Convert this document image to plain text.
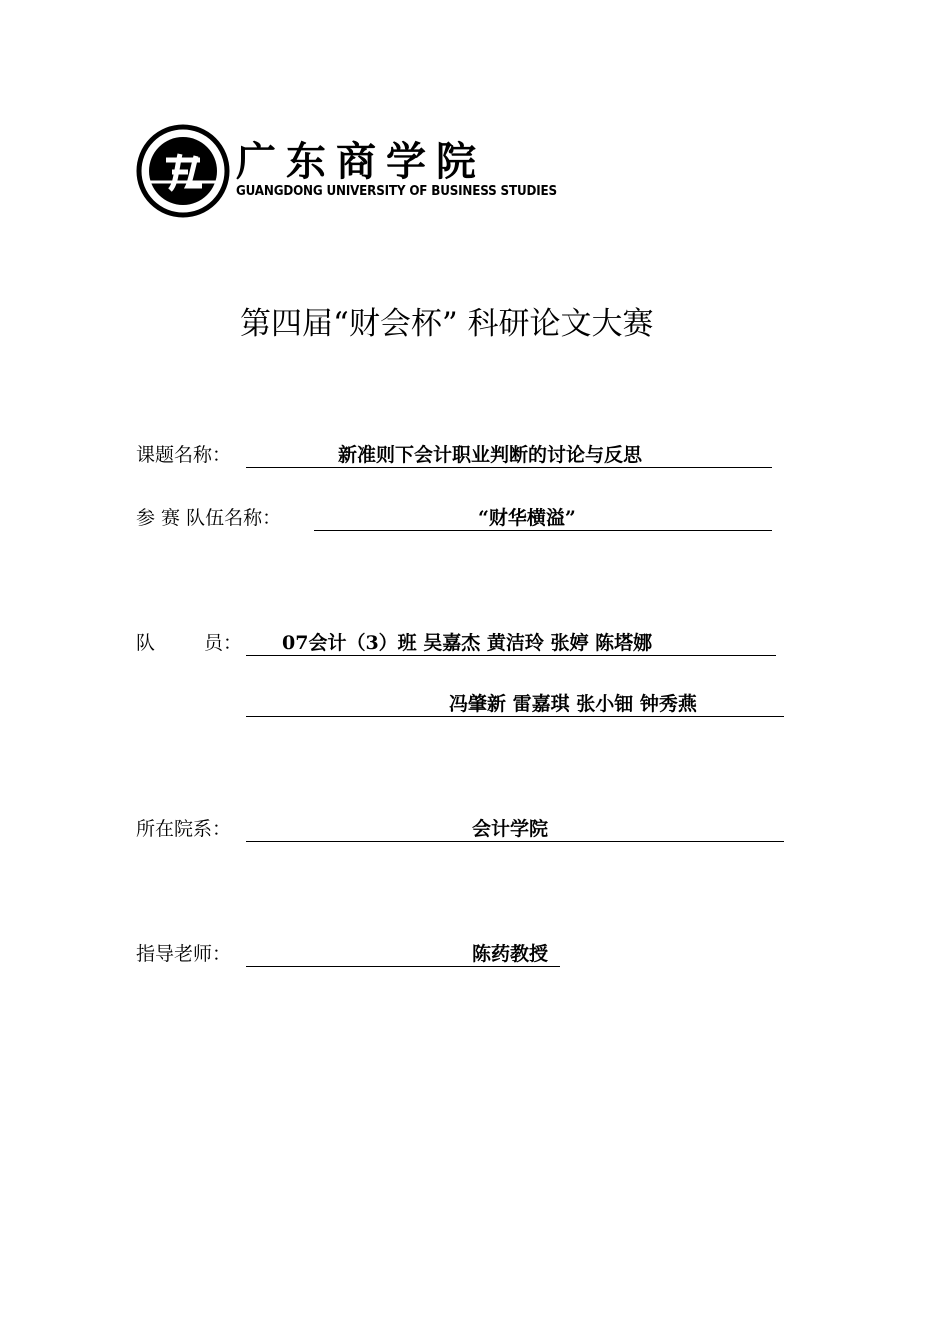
广东商学院
GUANGDONG UNIVERSITY OF BUSINESS STUDIES
第四届“财会杯” 科研论文大赛
课题名称：	新准则下会计职业判断的讨论与反思
参 赛 队伍名称：	“财华横溢”
队	员： 07会计（3）班 吴嘉杰 黄洁玲 张婷 陈塔娜
冯肇新 雷嘉琪 张小钿 钟秀燕
所在院系：	会计学院
指导老师：	陈药教授
